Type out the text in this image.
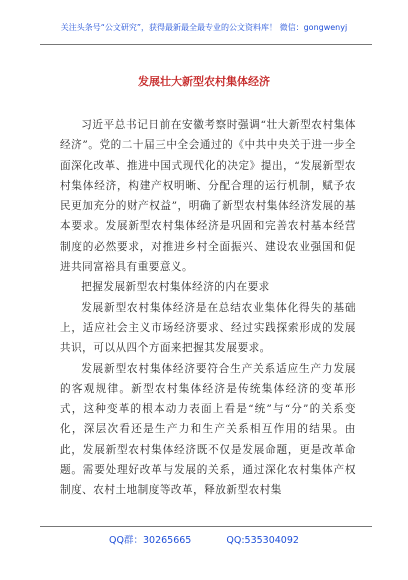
关注头条号“公文研究”，获得最新最全最专业的公文资料库！ 微信：gongwenyj
发展壮大新型农村集体经济

习近平总书记日前在安徽考察时强调“壮大新型农村集体经济”。党的二十届三中全会通过的《中共中央关于进一步全面深化改革、推进中国式现代化的决定》提出，“发展新型农村集体经济，构建产权明晰、分配合理的运行机制，赋予农民更加充分的财产权益”，明确了新型农村集体经济发展的基本要求。发展新型农村集体经济是巩固和完善农村基本经营制度的必然要求，对推进乡村全面振兴、建设农业强国和促进共同富裕具有重要意义。

把握发展新型农村集体经济的内在要求

发展新型农村集体经济是在总结农业集体化得失的基础上，适应社会主义市场经济要求、经过实践探索形成的发展共识，可以从四个方面来把握其发展要求。

发展新型农村集体经济要符合生产关系适应生产力发展的客观规律。新型农村集体经济是传统集体经济的变革形式，这种变革的根本动力表面上看是“统”与“分”的关系变化，深层次看还是生产力和生产关系相互作用的结果。由此，发展新型农村集体经济既不仅是发展命题，更是改革命题。需要处理好改革与发展的关系，通过深化农村集体产权制度、农村土地制度等改革，释放新型农村集

QQ群：30265665	QQ:535304092
